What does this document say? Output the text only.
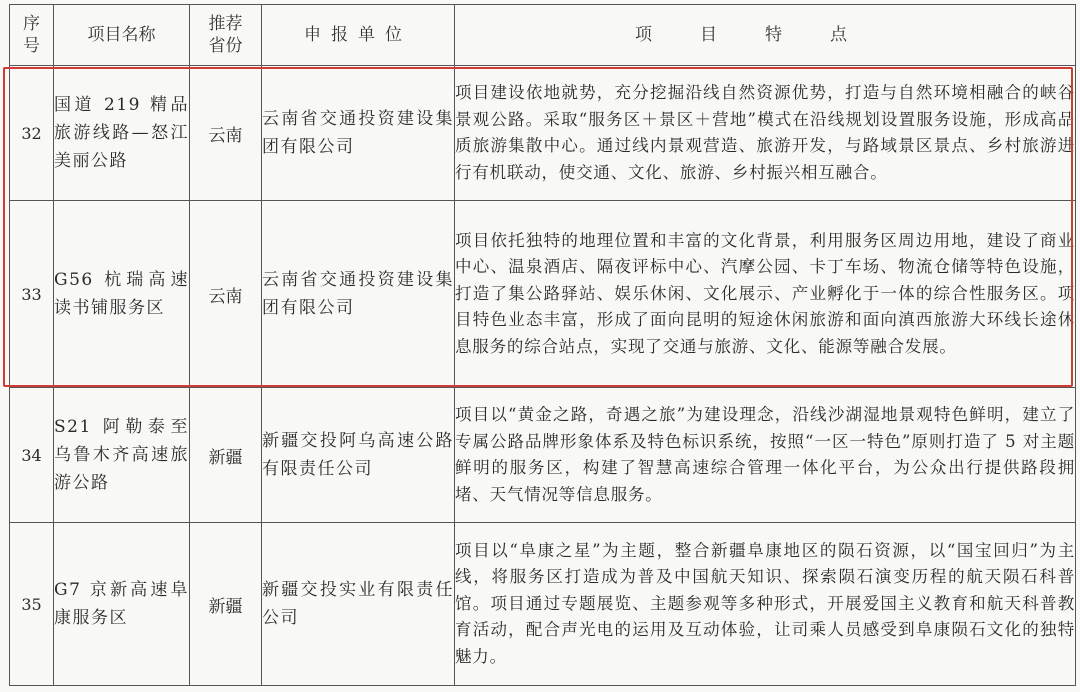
序号	项目名称	推荐省份	申报单位	项目特点
32	国道 219 精品旅游线路—怒江美丽公路	云南	云南省交通投资建设集团有限公司	项目建设依地就势，充分挖掘沿线自然资源优势，打造与自然环境相融合的峡谷景观公路。采取“服务区＋景区＋营地”模式在沿线规划设置服务设施，形成高品质旅游集散中心。通过线内景观营造、旅游开发，与路域景区景点、乡村旅游进行有机联动，使交通、文化、旅游、乡村振兴相互融合。
33	G56 杭瑞高速读书铺服务区	云南	云南省交通投资建设集团有限公司	项目依托独特的地理位置和丰富的文化背景，利用服务区周边用地，建设了商业中心、温泉酒店、隔夜评标中心、汽摩公园、卡丁车场、物流仓储等特色设施，打造了集公路驿站、娱乐休闲、文化展示、产业孵化于一体的综合性服务区。项目特色业态丰富，形成了面向昆明的短途休闲旅游和面向滇西旅游大环线长途休息服务的综合站点，实现了交通与旅游、文化、能源等融合发展。
34	S21 阿勒泰至乌鲁木齐高速旅游公路	新疆	新疆交投阿乌高速公路有限责任公司	项目以“黄金之路，奇遇之旅”为建设理念，沿线沙湖湿地景观特色鲜明，建立了专属公路品牌形象体系及特色标识系统，按照“一区一特色”原则打造了 5 对主题鲜明的服务区，构建了智慧高速综合管理一体化平台，为公众出行提供路段拥堵、天气情况等信息服务。
35	G7 京新高速阜康服务区	新疆	新疆交投实业有限责任公司	项目以“阜康之星”为主题，整合新疆阜康地区的陨石资源，以“国宝回归”为主线，将服务区打造成为普及中国航天知识、探索陨石演变历程的航天陨石科普馆。项目通过专题展览、主题参观等多种形式，开展爱国主义教育和航天科普教育活动，配合声光电的运用及互动体验，让司乘人员感受到阜康陨石文化的独特魅力。
